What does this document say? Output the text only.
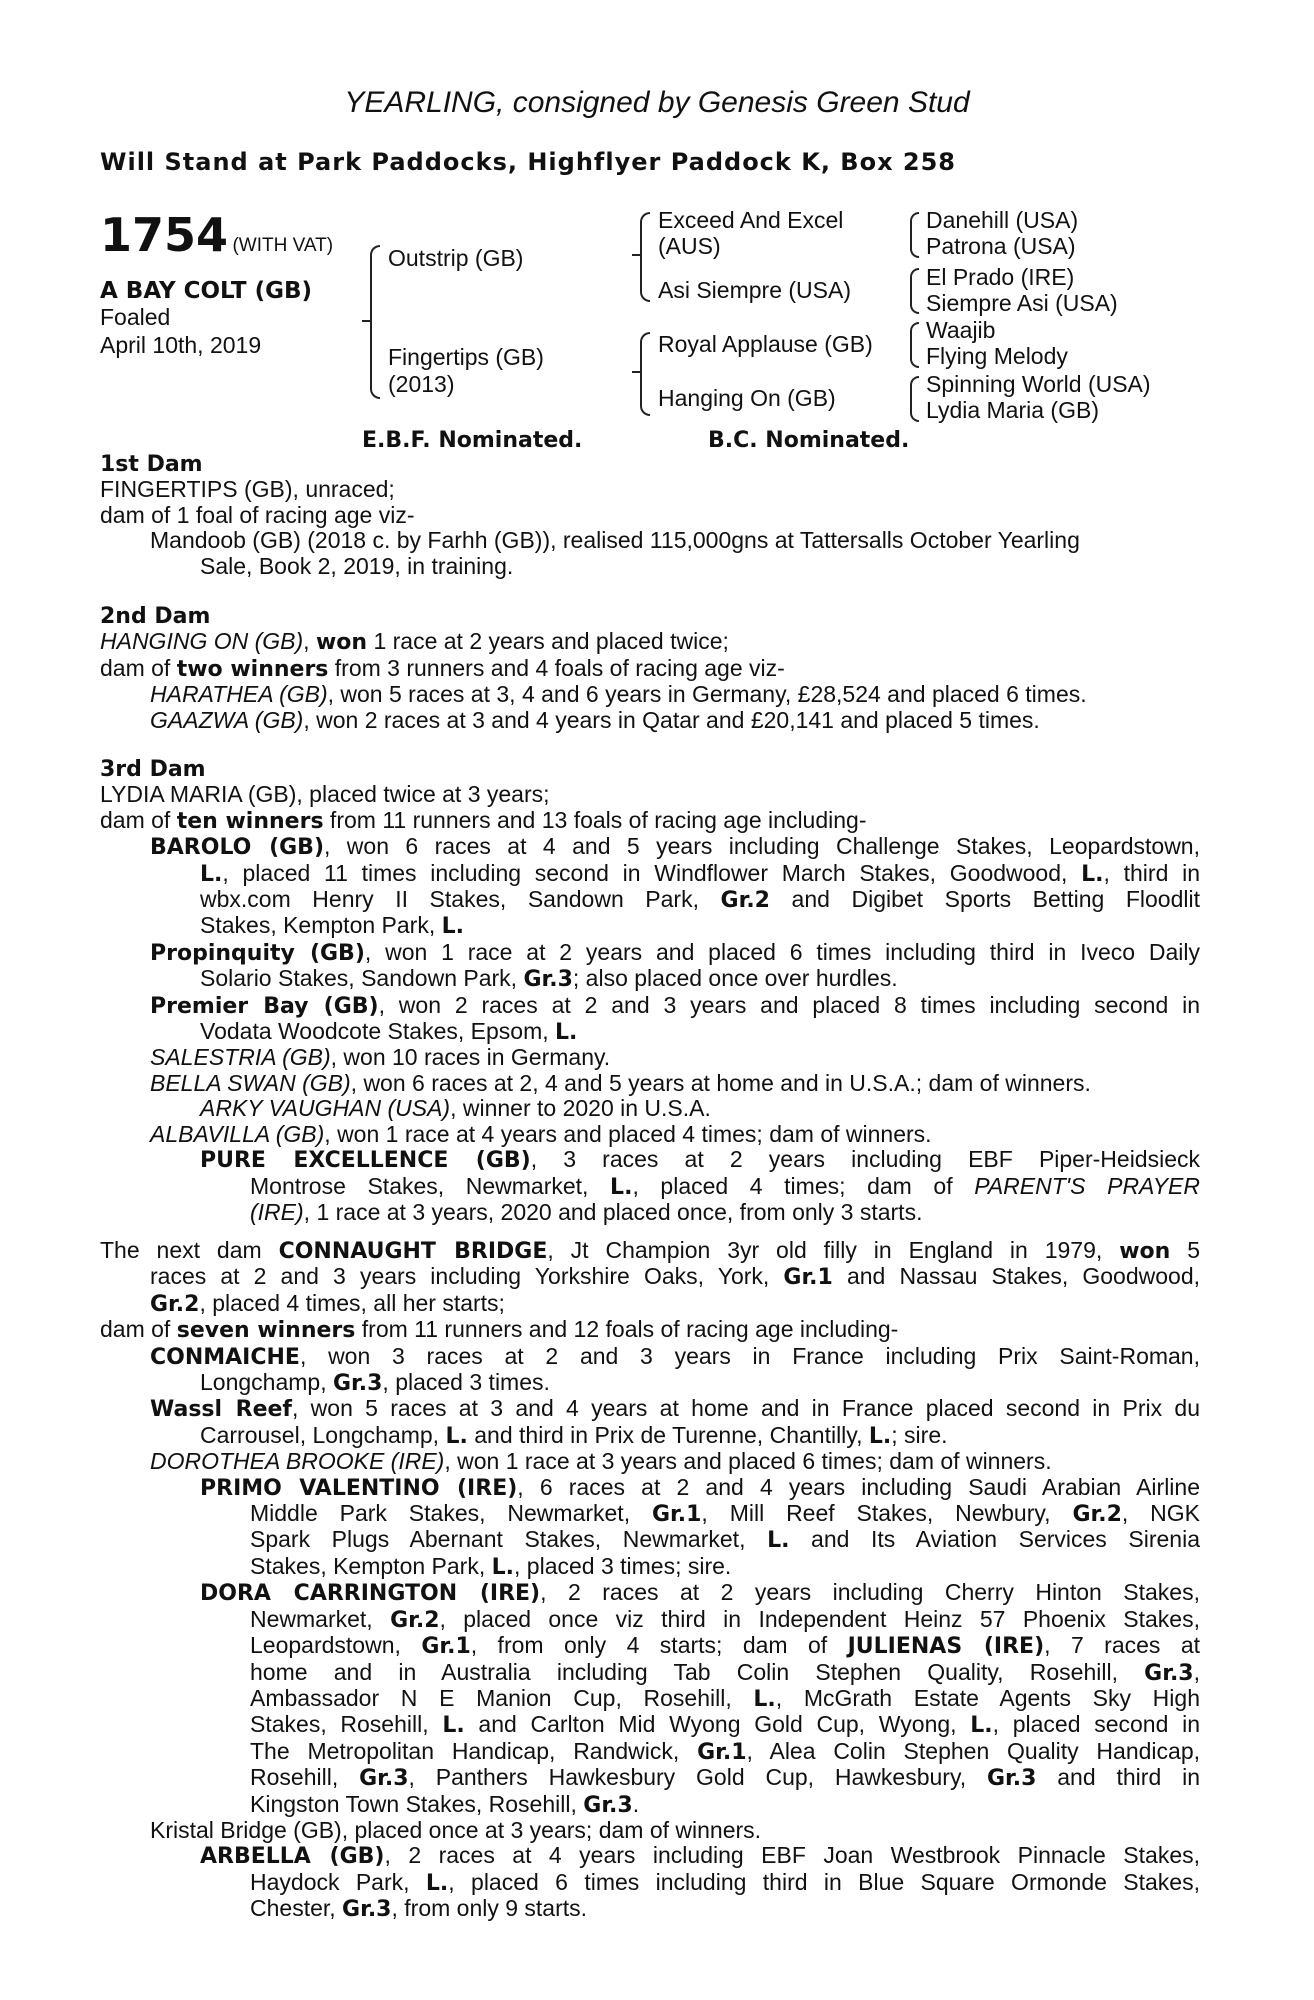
YEARLING, consigned by Genesis Green Stud
Will Stand at Park Paddocks, Highflyer Paddock K, Box 258
1754 (WITH VAT)
A BAY COLT (GB)
Foaled
April 10th, 2019
Outstrip (GB)
Fingertips (GB)
(2013)
Exceed And Excel
(AUS)
Asi Siempre (USA)
Royal Applause (GB)
Hanging On (GB)
Danehill (USA)
Patrona (USA)
El Prado (IRE)
Siempre Asi (USA)
Waajib
Flying Melody
Spinning World (USA)
Lydia Maria (GB)
E.B.F. Nominated.	B.C. Nominated.
1st Dam
FINGERTIPS (GB), unraced;
dam of 1 foal of racing age viz-
Mandoob (GB) (2018 c. by Farhh (GB)), realised 115,000gns at Tattersalls October Yearling
Sale, Book 2, 2019, in training.
2nd Dam
HANGING ON (GB), won 1 race at 2 years and placed twice;
dam of two winners from 3 runners and 4 foals of racing age viz-
HARATHEA (GB), won 5 races at 3, 4 and 6 years in Germany, £28,524 and placed 6 times.
GAAZWA (GB), won 2 races at 3 and 4 years in Qatar and £20,141 and placed 5 times.
3rd Dam
LYDIA MARIA (GB), placed twice at 3 years;
dam of ten winners from 11 runners and 13 foals of racing age including-
BAROLO (GB), won 6 races at 4 and 5 years including Challenge Stakes, Leopardstown,
L., placed 11 times including second in Windflower March Stakes, Goodwood, L., third in
wbx.com Henry II Stakes, Sandown Park, Gr.2 and Digibet Sports Betting Floodlit
Stakes, Kempton Park, L.
Propinquity (GB), won 1 race at 2 years and placed 6 times including third in Iveco Daily
Solario Stakes, Sandown Park, Gr.3; also placed once over hurdles.
Premier Bay (GB), won 2 races at 2 and 3 years and placed 8 times including second in
Vodata Woodcote Stakes, Epsom, L.
SALESTRIA (GB), won 10 races in Germany.
BELLA SWAN (GB), won 6 races at 2, 4 and 5 years at home and in U.S.A.; dam of winners.
ARKY VAUGHAN (USA), winner to 2020 in U.S.A.
ALBAVILLA (GB), won 1 race at 4 years and placed 4 times; dam of winners.
PURE EXCELLENCE (GB), 3 races at 2 years including EBF Piper-Heidsieck
Montrose Stakes, Newmarket, L., placed 4 times; dam of PARENT'S PRAYER
(IRE), 1 race at 3 years, 2020 and placed once, from only 3 starts.
The next dam CONNAUGHT BRIDGE, Jt Champion 3yr old filly in England in 1979, won 5
races at 2 and 3 years including Yorkshire Oaks, York, Gr.1 and Nassau Stakes, Goodwood,
Gr.2, placed 4 times, all her starts;
dam of seven winners from 11 runners and 12 foals of racing age including-
CONMAICHE, won 3 races at 2 and 3 years in France including Prix Saint-Roman,
Longchamp, Gr.3, placed 3 times.
Wassl Reef, won 5 races at 3 and 4 years at home and in France placed second in Prix du
Carrousel, Longchamp, L. and third in Prix de Turenne, Chantilly, L.; sire.
DOROTHEA BROOKE (IRE), won 1 race at 3 years and placed 6 times; dam of winners.
PRIMO VALENTINO (IRE), 6 races at 2 and 4 years including Saudi Arabian Airline
Middle Park Stakes, Newmarket, Gr.1, Mill Reef Stakes, Newbury, Gr.2, NGK
Spark Plugs Abernant Stakes, Newmarket, L. and Its Aviation Services Sirenia
Stakes, Kempton Park, L., placed 3 times; sire.
DORA CARRINGTON (IRE), 2 races at 2 years including Cherry Hinton Stakes,
Newmarket, Gr.2, placed once viz third in Independent Heinz 57 Phoenix Stakes,
Leopardstown, Gr.1, from only 4 starts; dam of JULIENAS (IRE), 7 races at
home and in Australia including Tab Colin Stephen Quality, Rosehill, Gr.3,
Ambassador N E Manion Cup, Rosehill, L., McGrath Estate Agents Sky High
Stakes, Rosehill, L. and Carlton Mid Wyong Gold Cup, Wyong, L., placed second in
The Metropolitan Handicap, Randwick, Gr.1, Alea Colin Stephen Quality Handicap,
Rosehill, Gr.3, Panthers Hawkesbury Gold Cup, Hawkesbury, Gr.3 and third in
Kingston Town Stakes, Rosehill, Gr.3.
Kristal Bridge (GB), placed once at 3 years; dam of winners.
ARBELLA (GB), 2 races at 4 years including EBF Joan Westbrook Pinnacle Stakes,
Haydock Park, L., placed 6 times including third in Blue Square Ormonde Stakes,
Chester, Gr.3, from only 9 starts.
